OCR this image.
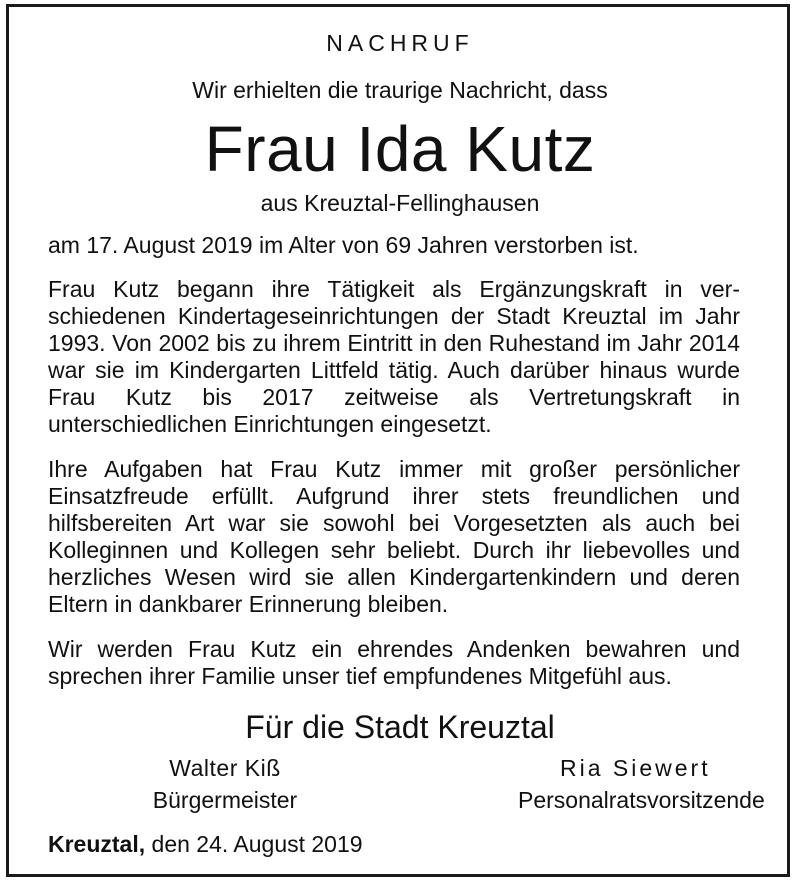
NACHRUF
Wir erhielten die traurige Nachricht, dass
Frau Ida Kutz
aus Kreuztal-Fellinghausen
am 17. August 2019 im Alter von 69 Jahren verstorben ist.
Frau Kutz begann ihre Tätigkeit als Ergänzungskraft in verschiedenen Kindertageseinrichtungen der Stadt Kreuztal im Jahr 1993. Von 2002 bis zu ihrem Eintritt in den Ruhestand im Jahr 2014 war sie im Kindergarten Littfeld tätig. Auch darüber hinaus wurde Frau Kutz bis 2017 zeitweise als Vertretungskraft in unterschiedlichen Einrichtungen eingesetzt.
Ihre Aufgaben hat Frau Kutz immer mit großer persönlicher Einsatzfreude erfüllt. Aufgrund ihrer stets freundlichen und hilfsbereiten Art war sie sowohl bei Vorgesetzten als auch bei Kolleginnen und Kollegen sehr beliebt. Durch ihr liebevolles und herzliches Wesen wird sie allen Kindergartenkindern und deren Eltern in dankbarer Erinnerung bleiben.
Wir werden Frau Kutz ein ehrendes Andenken bewahren und sprechen ihrer Familie unser tief empfundenes Mitgefühl aus.
Für die Stadt Kreuztal
Walter Kiß
Bürgermeister
Ria Siewert
Personalratsvorsitzende
Kreuztal, den 24. August 2019
